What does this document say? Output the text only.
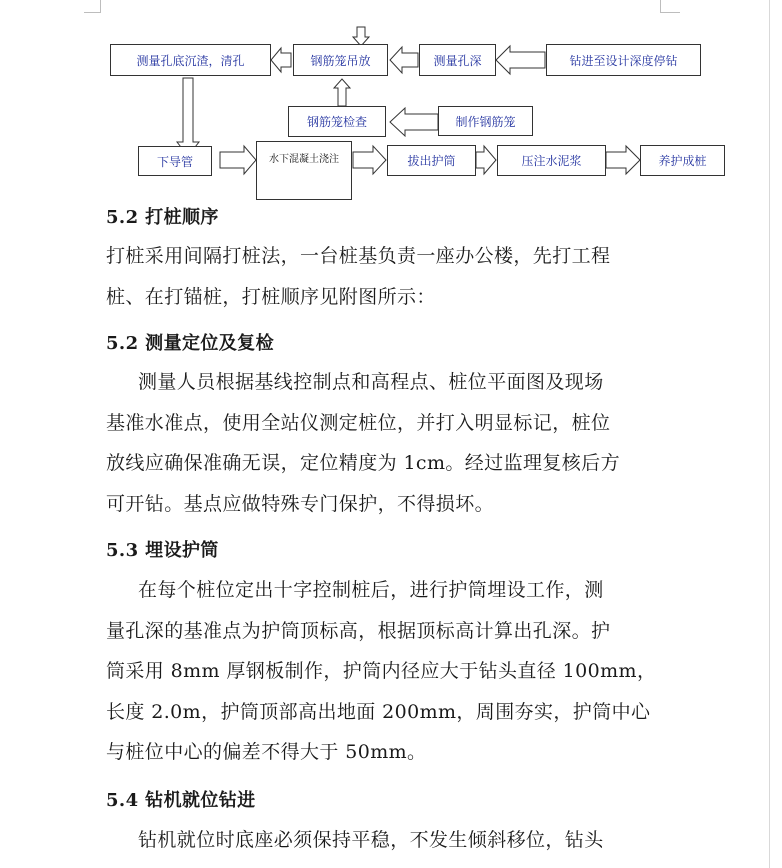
测量孔底沉渣，清孔	钢筋笼吊放	测量孔深	钻进至设计深度停钻
钢筋笼检查	制作钢筋笼
下导管	水下混凝土浇注	拔出护筒	压注水泥浆	养护成桩
5.2 打桩顺序

打桩采用间隔打桩法，一台桩基负责一座办公楼，先打工程

桩、在打锚桩，打桩顺序见附图所示：

5.2 测量定位及复检

测量人员根据基线控制点和高程点、桩位平面图及现场

基准水准点，使用全站仪测定桩位，并打入明显标记，桩位

放线应确保准确无误，定位精度为 1cm。经过监理复核后方

可开钻。基点应做特殊专门保护，不得损坏。

5.3 埋设护筒

在每个桩位定出十字控制桩后，进行护筒埋设工作，测

量孔深的基准点为护筒顶标高，根据顶标高计算出孔深。护

筒采用 8mm 厚钢板制作，护筒内径应大于钻头直径 100mm，

长度 2.0m，护筒顶部高出地面 200mm，周围夯实，护筒中心

与桩位中心的偏差不得大于 50mm。

5.4 钻机就位钻进

钻机就位时底座必须保持平稳，不发生倾斜移位，钻头
